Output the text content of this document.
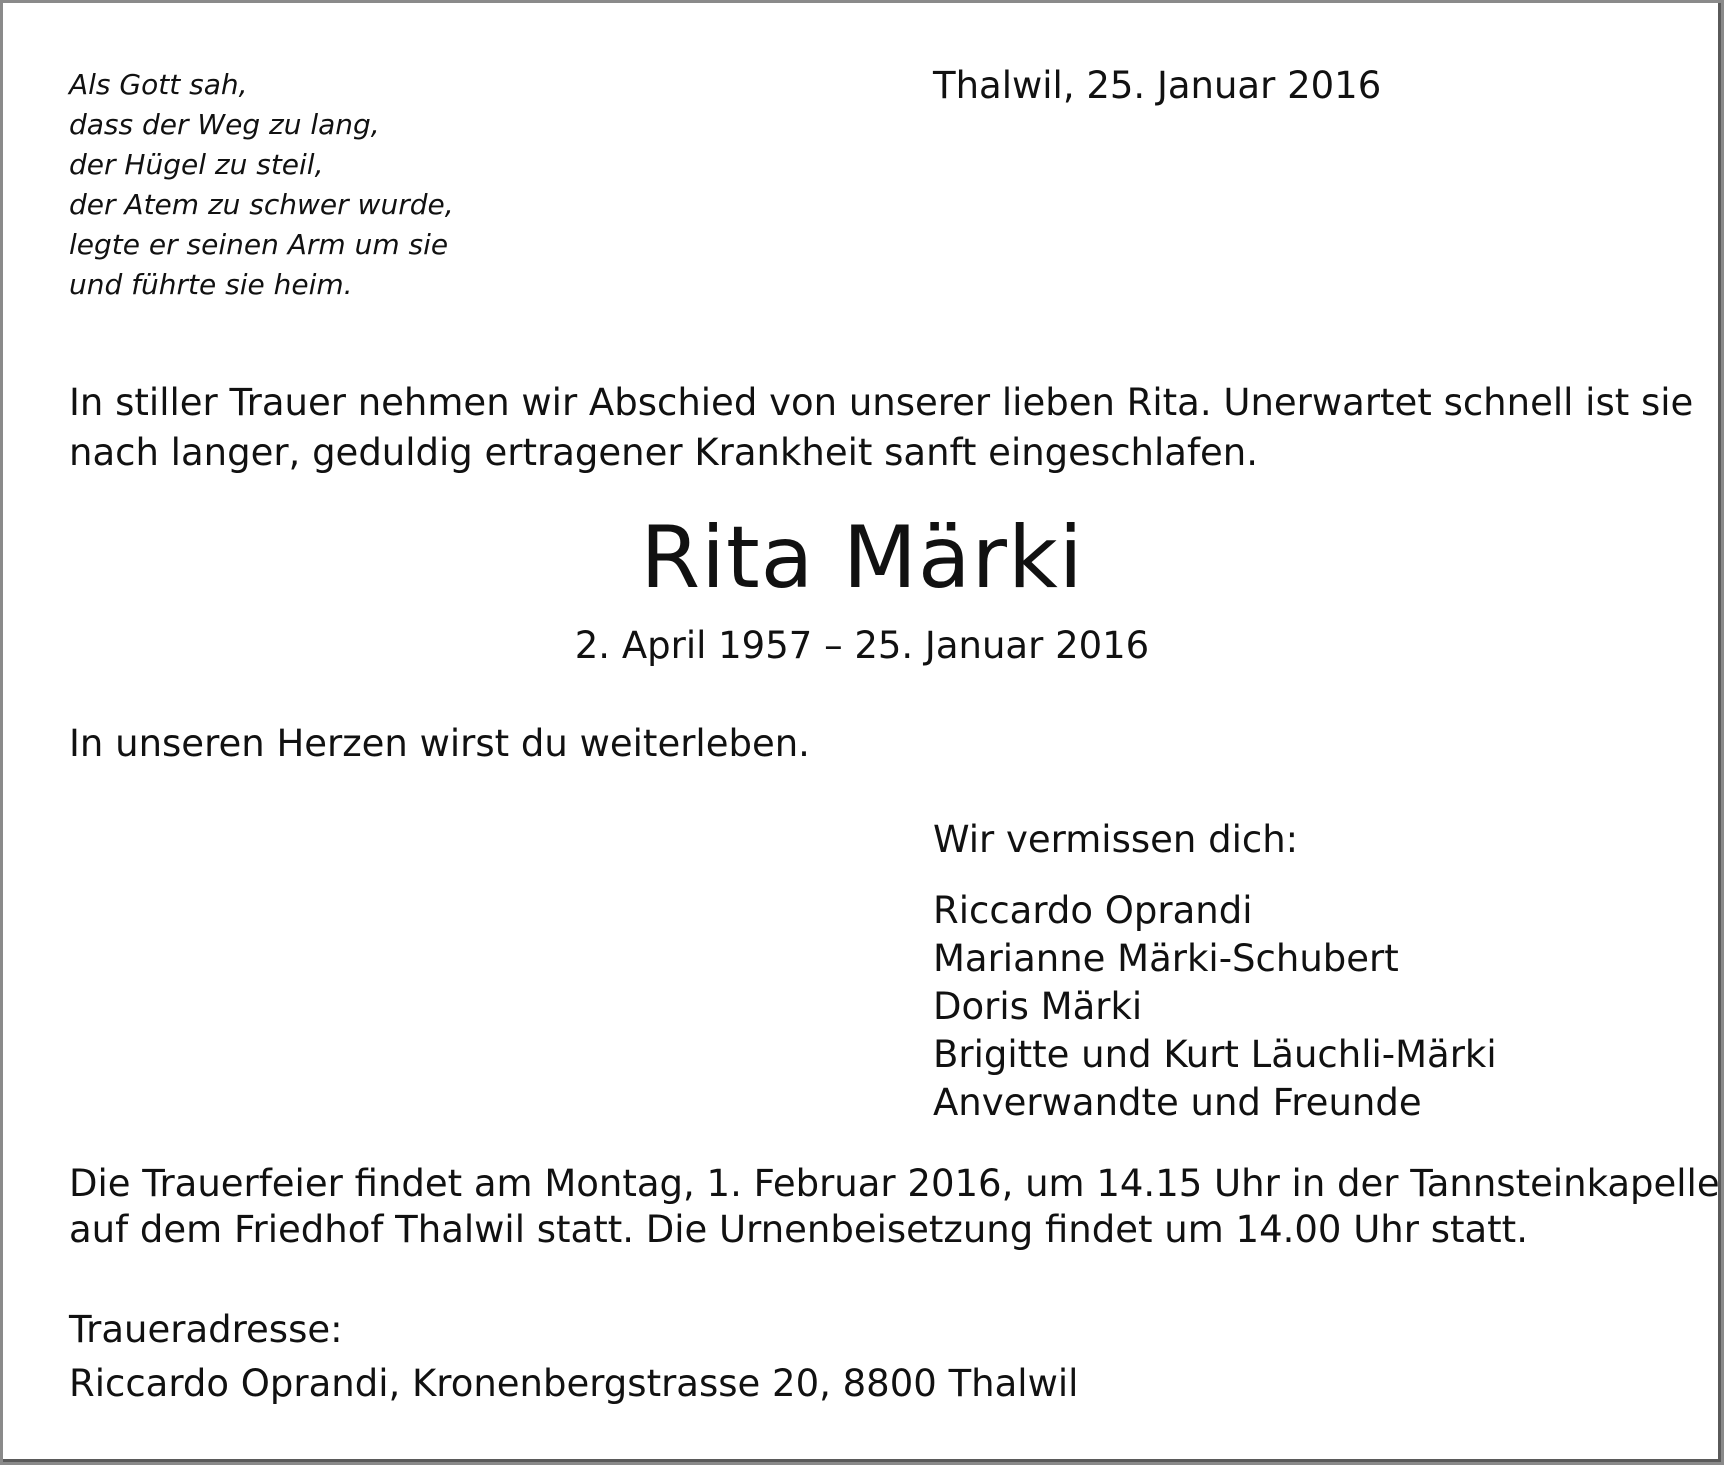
Als Gott sah,
dass der Weg zu lang,
der Hügel zu steil,
der Atem zu schwer wurde,
legte er seinen Arm um sie
und führte sie heim.
Thalwil, 25. Januar 2016
In stiller Trauer nehmen wir Abschied von unserer lieben Rita. Unerwartet schnell ist sie
nach langer, geduldig ertragener Krankheit sanft eingeschlafen.
Rita Märki
2. April 1957 – 25. Januar 2016
In unseren Herzen wirst du weiterleben.
Wir vermissen dich:
Riccardo Oprandi
Marianne Märki-Schubert
Doris Märki
Brigitte und Kurt Läuchli-Märki
Anverwandte und Freunde
Die Trauerfeier findet am Montag, 1. Februar 2016, um 14.15 Uhr in der Tannsteinkapelle
auf dem Friedhof Thalwil statt. Die Urnenbeisetzung findet um 14.00 Uhr statt.
Traueradresse:
Riccardo Oprandi, Kronenbergstrasse 20, 8800 Thalwil
